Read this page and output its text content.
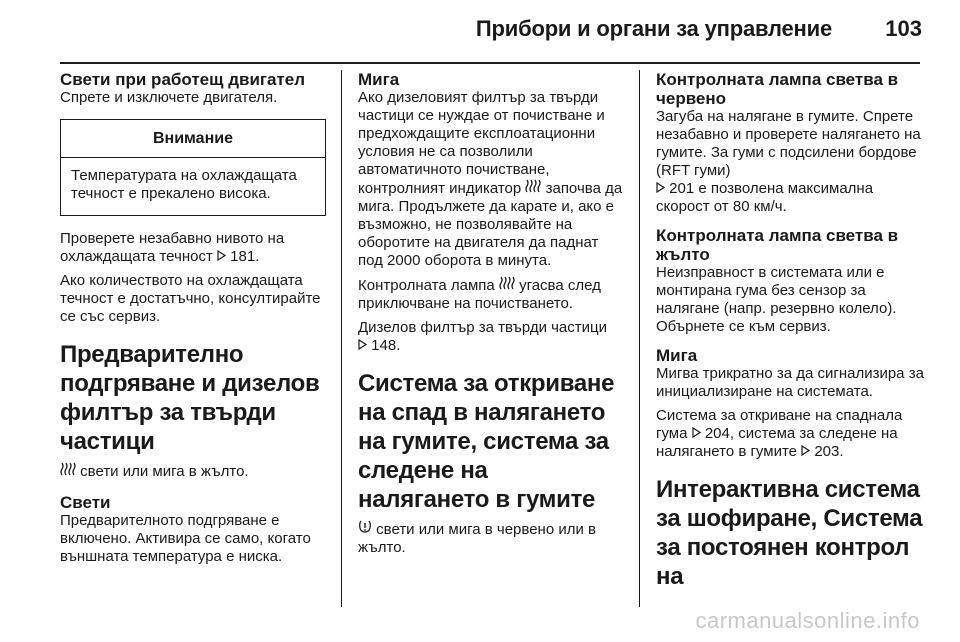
Прибори и органи за управление 103
Свети при работещ двигател

Спрете и изключете двигателя.

Внимание
Температурата на охлаждащата течност е прекалено висока.

Проверете незабавно нивото на охлаждащата течност 181.

Ако количеството на охлаждащата течност е достатъчно, консултирайте се със сервиз.

Предварително подгряване и дизелов филтър за твърди частици

свети или мига в жълто.

Свети

Предварителното подгряване е включено. Активира се само, когато външната температура е ниска.

Мига

Ако дизеловият филтър за твърди частици се нуждае от почистване и предхождащите експлоатационни условия не са позволили автоматичното почистване, контролният индикатор започва да мига. Продължете да карате и, ако е възможно, не позволявайте на оборотите на двигателя да паднат под 2000 оборота в минута.

Контролната лампа угасва след приключване на почистването.

Дизелов филтър за твърди частици
148.

Система за откриване на спад в налягането на гумите, система за следене на налягането в гумите

свети или мига в червено или в жълто.

Контролната лампа светва в червено

Загуба на налягане в гумите. Спрете незабавно и проверете налягането на гумите. За гуми с подсилени бордове (RFT гуми)
201 е позволена максимална скорост от 80 км/ч.

Контролната лампа светва в жълто

Неизправност в системата или е монтирана гума без сензор за налягане (напр. резервно колело). Обърнете се към сервиз.

Мига

Мигва трикратно за да сигнализира за инициализиране на системата.

Система за откриване на спаднала гума 204, система за следене на налягането в гумите 203.

Интерактивна система за шофиране, Система за постоянен контрол на
carmanualsonline.info
